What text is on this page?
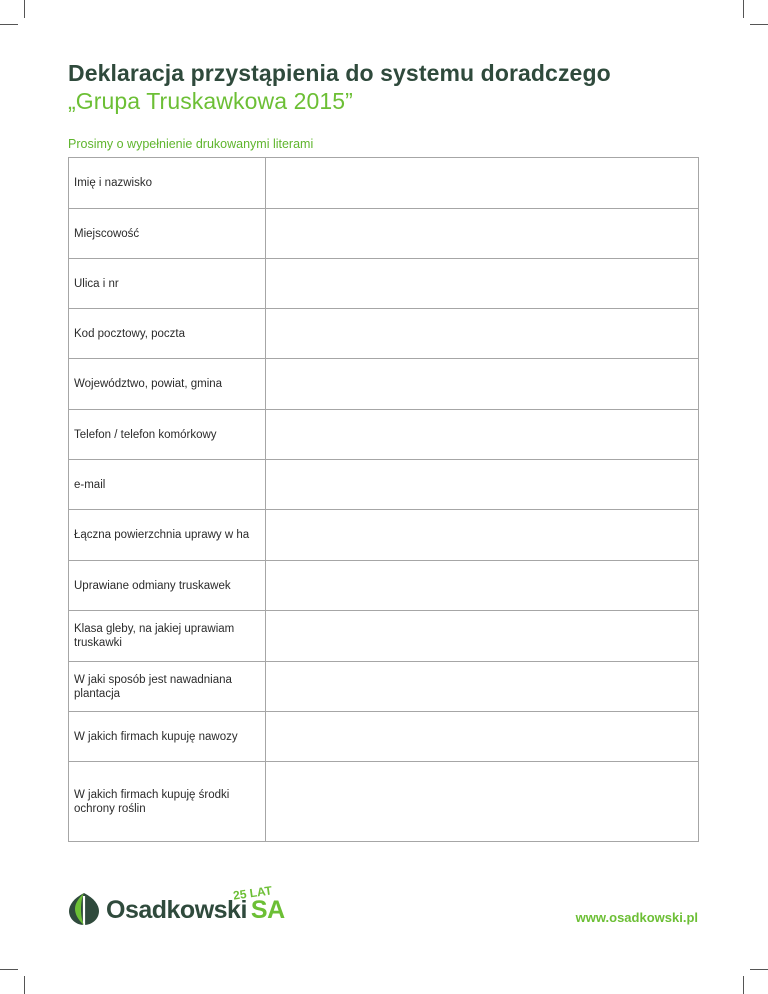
Deklaracja przystąpienia do systemu doradczego
„Grupa Truskawkowa 2015”
Prosimy o wypełnienie drukowanymi literami
Imię i nazwisko	
Miejscowość	
Ulica i nr	
Kod pocztowy, poczta	
Województwo, powiat, gmina	
Telefon / telefon komórkowy	
e-mail	
Łączna powierzchnia uprawy w ha	
Uprawiane odmiany truskawek	
Klasa gleby, na jakiej uprawiam truskawki	
W jaki sposób jest nawadniana plantacja	
W jakich firmach kupuję nawozy	
W jakich firmach kupuję środki ochrony roślin	
Osadkowski SA
25 LAT
www.osadkowski.pl
